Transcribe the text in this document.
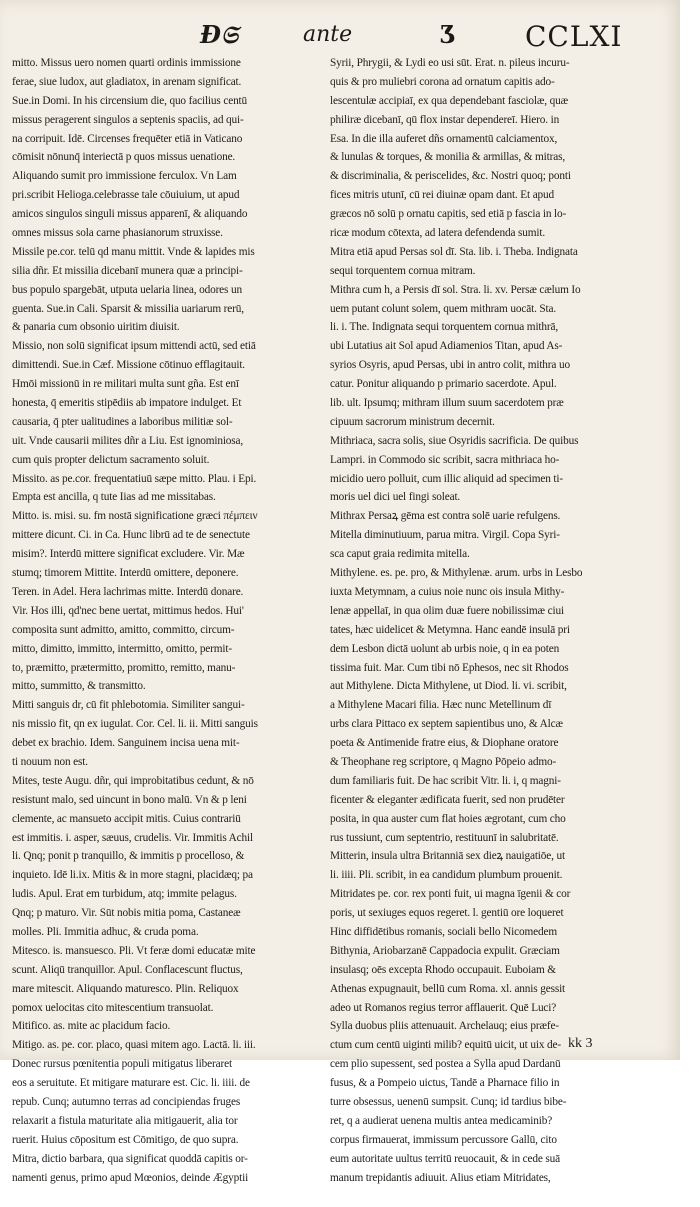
Ɖ𝔖	ante	Ʒ CCLXI
mitto. Missus uero nomen quarti ordinis immissione
ferae, siue ludox, aut gladiatox, in arenam significat.
Sue.in Domi. In his circensium die, quo facilius centū
missus peragerent singulos a septenis spaciis, ad qui-
na corripuit. Idē. Circenses frequēter etiā in Vaticano
cōmisit nōnunq̄ interiectā p quos missus uenatione.
Aliquando sumit pro immissione ferculox. Vn Lam
pri.scribit Helioga.celebrasse tale cōuiuium, ut apud
amicos singulos singuli missus apparenī, & aliquando
omnes missus sola carne phasianorum struxisse.
Missile pe.cor. telū qd manu mittit. Vnde & lapides mis
silia dñr. Et missilia dicebanī munera quæ a principi-
bus populo spargebāt, utputa uelaria linea, odores un
guenta. Sue.in Cali. Sparsit & missilia uariarum rerū,
& panaria cum obsonio uiritim diuisit.
Missio, non solū significat ipsum mittendi actū, sed etiā
dimittendi. Sue.in Cæf. Missione cōtinuo efflagitauit.
Hmōi missionū in re militari multa sunt gña. Est enī
honesta, q̄ emeritis stipēdiis ab impatore indulget. Et
causaria, q̄ pter ualitudines a laboribus militiæ sol-
uit. Vnde causarii milites dñr a Liu. Est ignominiosa,
cum quis propter delictum sacramento soluit.
Missito. as pe.cor. frequentatiuū sæpe mitto. Plau. i Epi.
Empta est ancilla, q tute Iias ad me missitabas.
Mitto. is. misi. su. fm nostā significatione græci πέμπειν
mittere dicunt. Ci. in Ca. Hunc librū ad te de senectute
misim?. Interdū mittere significat excludere. Vir. Mæ
stumq; timorem Mittite. Interdū omittere, deponere.
Teren. in Adel. Hera lachrimas mitte. Interdū donare.
Vir. Hos illi, qd'nec bene uertat, mittimus hedos. Hui'
composita sunt admitto, amitto, committo, circum-
mitto, dimitto, immitto, intermitto, omitto, permit-
to, præmitto, prætermitto, promitto, remitto, manu-
mitto, summitto, & transmitto.
Mitti sanguis dr, cū fit phlebotomia. Similiter sangui-
nis missio fit, qn ex iugulat. Cor. Cel. li. ii. Mitti sanguis
debet ex brachio. Idem. Sanguinem incisa uena mit-
ti nouum non est.
Mites, teste Augu. dñr, qui improbitatibus cedunt, & nō
resistunt malo, sed uincunt in bono malū. Vn & p leni
clemente, ac mansueto accipit mitis. Cuius contrariū
est immitis. i. asper, sæuus, crudelis. Vir. Immitis Achil
li. Qnq; ponit p tranquillo, & immitis p procelloso, &
inquieto. Idē li.ix. Mitis & in more stagni, placidæq; pa
ludis. Apul. Erat em turbidum, atq; immite pelagus.
Qnq; p maturo. Vir. Sūt nobis mitia poma, Castaneæ
molles. Pli. Immitia adhuc, & cruda poma.
Mitesco. is. mansuesco. Pli. Vt feræ domi educatæ mite
scunt. Aliqū tranquillor. Apul. Conflacescunt fluctus,
mare mitescit. Aliquando maturesco. Plin. Reliquox
pomox uelocitas cito mitescentium transuolat.
Mitifico. as. mite ac placidum facio.
Mitigo. as. pe. cor. placo, quasi mitem ago. Lactā. li. iii.
Donec rursus pœnitentia populi mitigatus liberaret
eos a seruitute. Et mitigare maturare est. Cic. li. iiii. de
repub. Cunq; autumno terras ad concipiendas fruges
relaxarit a fistula maturitate alia mitigauerit, alia tor
ruerit. Huius cōpositum est Cōmitigo, de quo supra.
Mitra, dictio barbara, qua significat quoddā capitis or-
namenti genus, primo apud Mœonios, deinde Ægyptii
Syrii, Phrygii, & Lydi eo usi sūt. Erat. n. pileus incuru-
quis & pro muliebri corona ad ornatum capitis ado-
lescentulæ accipiaī, ex qua dependebant fasciolæ, quæ
philiræ dicebanī, qū flox instar dependereī. Hiero. in
Esa. In die illa auferet dñs ornamentū calciamentox,
& lunulas & torques, & monilia & armillas, & mitras,
& discriminalia, & periscelides, &c. Nostri quoq; ponti
fices mitris utunī, cū rei diuinæ opam dant. Et apud
græcos nō solū p ornatu capitis, sed etiā p fascia in lo-
ricæ modum cōtexta, ad latera defendenda sumit.
Mitra etiā apud Persas sol dī. Sta. lib. i. Theba. Indignata
sequi torquentem cornua mitram.
Mithra cum h, a Persis dī sol. Stra. li. xv. Persæ cælum Io
uem putant colunt solem, quem mithram uocāt. Sta.
li. i. The. Indignata sequi torquentem cornua mithrā,
ubi Lutatius ait Sol apud Adiamenios Titan, apud As-
syrios Osyris, apud Persas, ubi in antro colit, mithra uo
catur. Ponitur aliquando p primario sacerdote. Apul.
lib. ult. Ipsumq; mithram illum suum sacerdotem præ
cipuum sacrorum ministrum decernit.
Mithriaca, sacra solis, siue Osyridis sacrificia. De quibus
Lampri. in Commodo sic scribit, sacra mithriaca ho-
micidio uero polluit, cum illic aliquid ad specimen ti-
moris uel dici uel fingi soleat.
Mithrax Persaꝝ gēma est contra solē uarie refulgens.
Mitella diminutiuum, parua mitra. Virgil. Copa Syri-
sca caput graia redimita mitella.
Mithylene. es. pe. pro, & Mithylenæ. arum. urbs in Lesbo
iuxta Metymnam, a cuius noie nunc ois insula Mithy-
lenæ appellaī, in qua olim duæ fuere nobilissimæ ciui
tates, hæc uidelicet & Metymna. Hanc eandē insulā pri
dem Lesbon dictā uolunt ab urbis noie, q in ea poten
tissima fuit. Mar. Cum tibi nō Ephesos, nec sit Rhodos
aut Mithylene. Dicta Mithylene, ut Diod. li. vi. scribit,
a Mithylene Macari filia. Hæc nunc Metellinum dī
urbs clara Pittaco ex septem sapientibus uno, & Alcæ
poeta & Antimenide fratre eius, & Diophane oratore
& Theophane reg scriptore, q Magno Pōpeio admo-
dum familiaris fuit. De hac scribit Vitr. li. i, q magni-
ficenter & eleganter ædificata fuerit, sed non prudēter
posita, in qua auster cum flat hoies ægrotant, cum cho
rus tussiunt, cum septentrio, restituunī in salubritatē.
Mitterin, insula ultra Britanniā sex dieꝝ nauigatiōe, ut
li. iiii. Pli. scribit, in ea candidum plumbum prouenit.
Mitridates pe. cor. rex ponti fuit, ui magna īgenii & cor
poris, ut sexiuges equos regeret. l. gentiū ore loqueret
Hinc diffidētibus romanis, sociali bello Nicomedem
Bithynia, Ariobarzanē Cappadocia expulit. Græciam
insulasq; oēs excepta Rhodo occupauit. Euboiam &
Athenas expugnauit, bellū cum Roma. xl. annis gessit
adeo ut Romanos regius terror afflauerit. Quē Luci?
Sylla duobus pliis attenuauit. Archelauq; eius præfe-
ctum cum centū uiginti milib? equitū uicit, ut uix de-
cem plio supessent, sed postea a Sylla apud Dardanū
fusus, & a Pompeio uictus, Tandē a Pharnace filio in
turre obsessus, uenenū sumpsit. Cunq; id tardius bibe-
ret, q a audierat uenena multis antea medicaminib?
corpus firmauerat, immissum percussore Gallū, cito
eum autoritate uultus territū reuocauit, & in cede suā
manum trepidantis adiuuit. Alius etiam Mitridates,
kk 3
